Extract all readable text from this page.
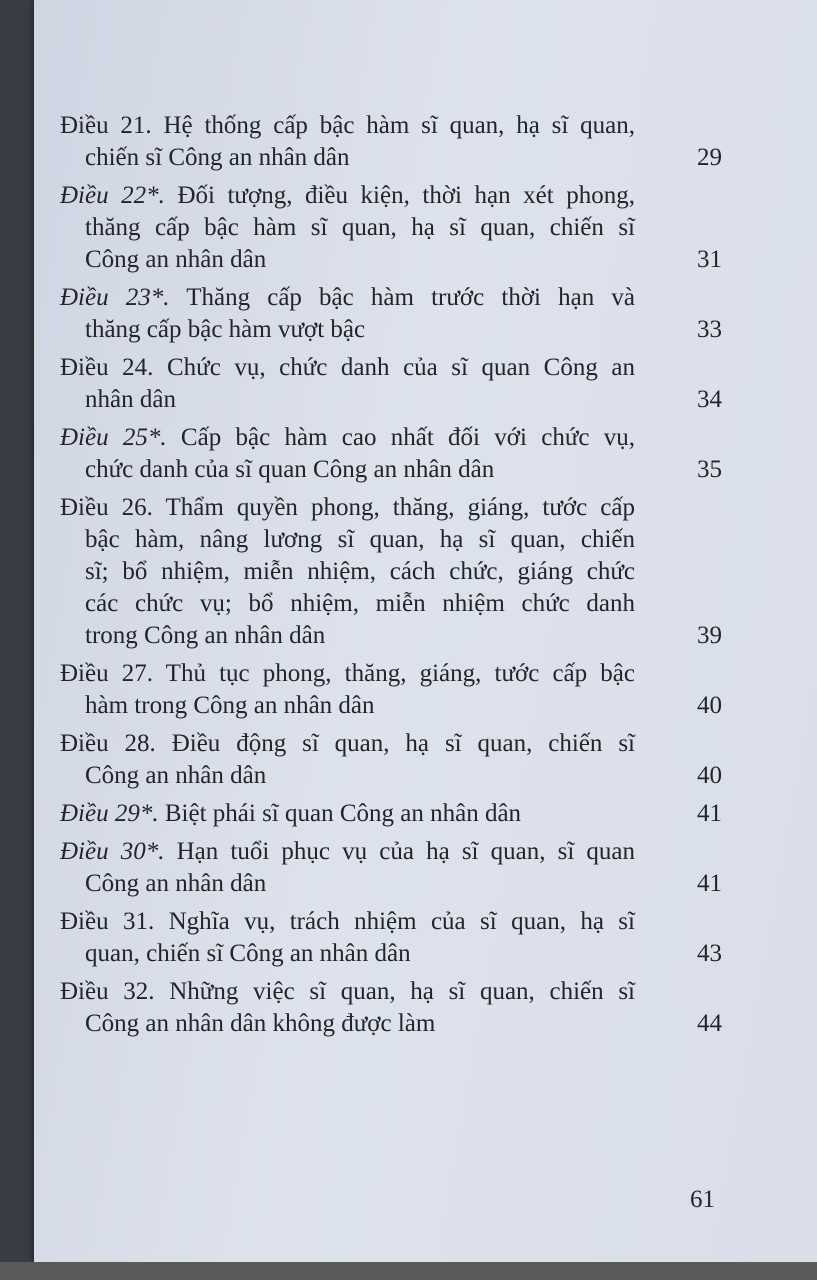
Điều 21. Hệ thống cấp bậc hàm sĩ quan, hạ sĩ quan,
chiến sĩ Công an nhân dân	29
Điều 22*. Đối tượng, điều kiện, thời hạn xét phong,
thăng cấp bậc hàm sĩ quan, hạ sĩ quan, chiến sĩ
Công an nhân dân	31
Điều 23*. Thăng cấp bậc hàm trước thời hạn và
thăng cấp bậc hàm vượt bậc	33
Điều 24. Chức vụ, chức danh của sĩ quan Công an
nhân dân	34
Điều 25*. Cấp bậc hàm cao nhất đối với chức vụ,
chức danh của sĩ quan Công an nhân dân	35
Điều 26. Thẩm quyền phong, thăng, giáng, tước cấp
bậc hàm, nâng lương sĩ quan, hạ sĩ quan, chiến
sĩ; bổ nhiệm, miễn nhiệm, cách chức, giáng chức
các chức vụ; bổ nhiệm, miễn nhiệm chức danh
trong Công an nhân dân	39
Điều 27. Thủ tục phong, thăng, giáng, tước cấp bậc
hàm trong Công an nhân dân	40
Điều 28. Điều động sĩ quan, hạ sĩ quan, chiến sĩ
Công an nhân dân	40
Điều 29*. Biệt phái sĩ quan Công an nhân dân	41
Điều 30*. Hạn tuổi phục vụ của hạ sĩ quan, sĩ quan
Công an nhân dân	41
Điều 31. Nghĩa vụ, trách nhiệm của sĩ quan, hạ sĩ
quan, chiến sĩ Công an nhân dân	43
Điều 32. Những việc sĩ quan, hạ sĩ quan, chiến sĩ
Công an nhân dân không được làm	44
61
